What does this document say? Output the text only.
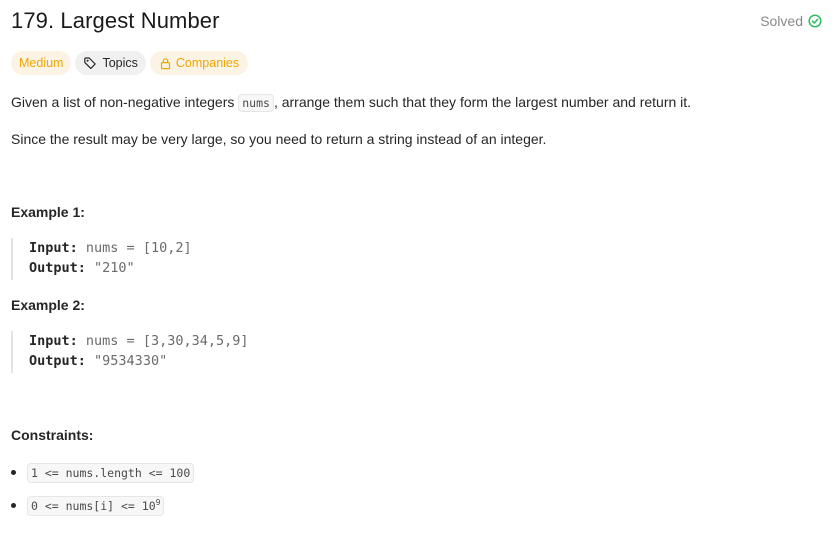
179. Largest Number	Solved
Medium	Topics	Companies
Given a list of non-negative integers nums , arrange them such that they form the largest number and return it.
Since the result may be very large, so you need to return a string instead of an integer.
Example 1:
Input: nums = [10,2]
Output: "210"
Example 2:
Input: nums = [3,30,34,5,9]
Output: "9534330"
Constraints:
1 <= nums.length <= 100
0 <= nums[i] <= $10^9$
